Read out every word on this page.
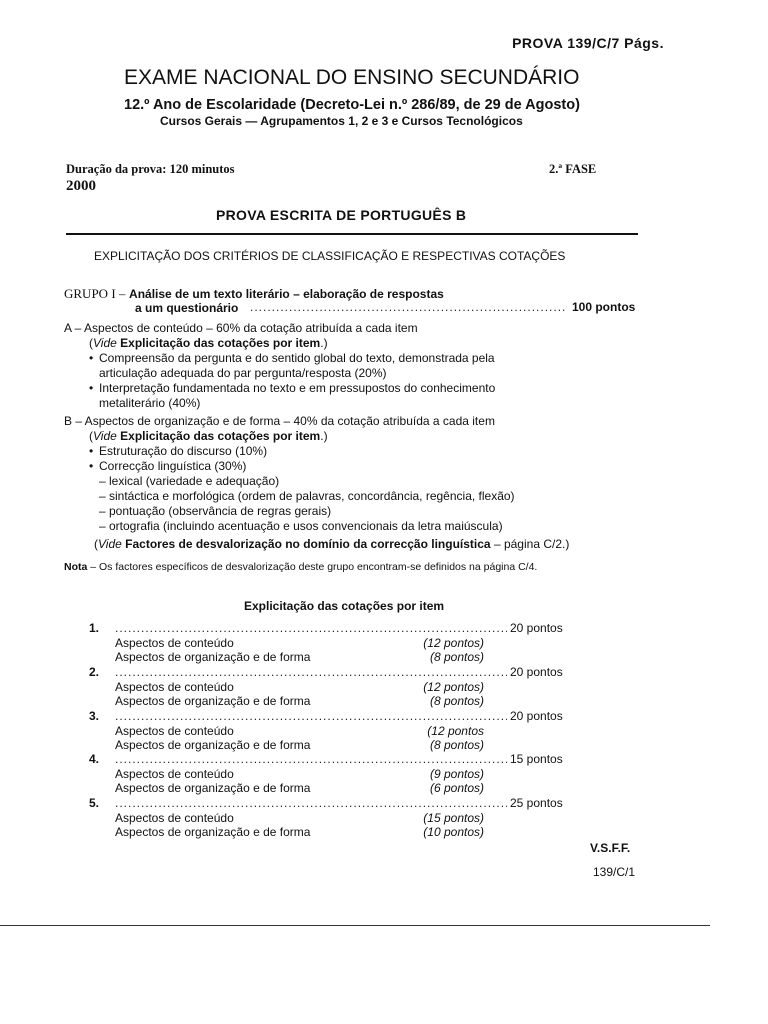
PROVA 139/C/7 Págs.
EXAME NACIONAL DO ENSINO SECUNDÁRIO
12.º Ano de Escolaridade (Decreto-Lei n.º 286/89, de 29 de Agosto)
Cursos Gerais — Agrupamentos 1, 2 e 3 e Cursos Tecnológicos
Duração da prova: 120 minutos
2000
2.ª FASE
PROVA ESCRITA DE PORTUGUÊS B
EXPLICITAÇÃO DOS CRITÉRIOS DE CLASSIFICAÇÃO E RESPECTIVAS COTAÇÕES
GRUPO I – Análise de um texto literário – elaboração de respostas
a um questionário .....	100 pontos
A – Aspectos de conteúdo – 60% da cotação atribuída a cada item
(Vide Explicitação das cotações por item.)
• Compreensão da pergunta e do sentido global do texto, demonstrada pela
articulação adequada do par pergunta/resposta (20%)
• Interpretação fundamentada no texto e em pressupostos do conhecimento
metaliterário (40%)
B – Aspectos de organização e de forma – 40% da cotação atribuída a cada item
(Vide Explicitação das cotações por item.)
• Estruturação do discurso (10%)
• Correcção linguística (30%)
– lexical (variedade e adequação)
– sintáctica e morfológica (ordem de palavras, concordância, regência, flexão)
– pontuação (observância de regras gerais)
– ortografia (incluindo acentuação e usos convencionais da letra maiúscula)
(Vide Factores de desvalorização no domínio da correcção linguística – página C/2.)
Nota – Os factores específicos de desvalorização deste grupo encontram-se definidos na página C/4.
Explicitação das cotações por item
1. .....	20 pontos
Aspectos de conteúdo	(12 pontos)
Aspectos de organização e de forma	(8 pontos)
2. .....	20 pontos
Aspectos de conteúdo	(12 pontos)
Aspectos de organização e de forma	(8 pontos)
3. .....	20 pontos
Aspectos de conteúdo	(12 pontos
Aspectos de organização e de forma	(8 pontos)
4. .....	15 pontos
Aspectos de conteúdo	(9 pontos)
Aspectos de organização e de forma	(6 pontos)
5. .....	25 pontos
Aspectos de conteúdo	(15 pontos)
Aspectos de organização e de forma	(10 pontos)
V.S.F.F.
139/C/1
